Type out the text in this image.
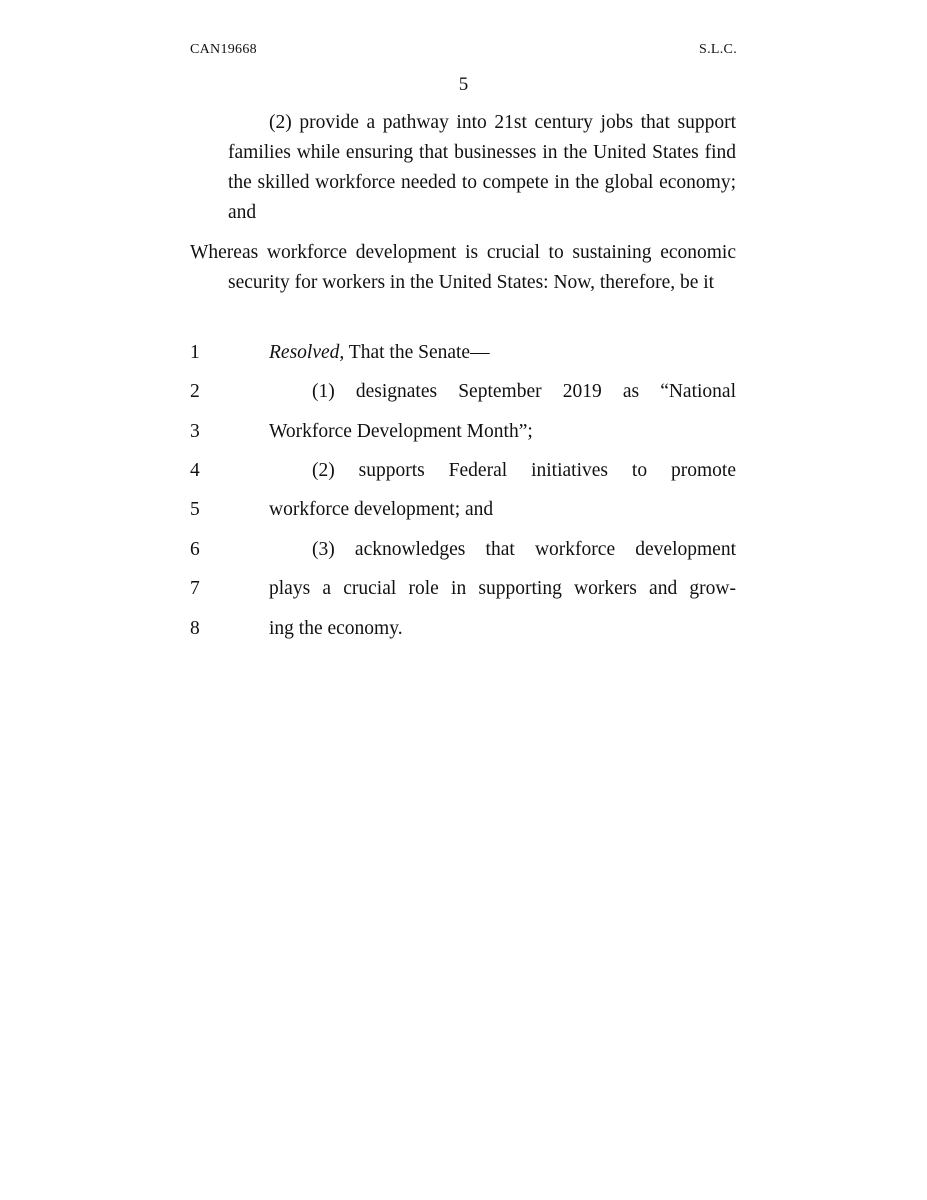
CAN19668	S.L.C.
5

(2) provide a pathway into 21st century jobs that support families while ensuring that businesses in the United States find the skilled workforce needed to compete in the global economy; and

Whereas workforce development is crucial to sustaining economic security for workers in the United States: Now, therefore, be it

1	Resolved, That the Senate—
2	(1) designates September 2019 as “National
3	Workforce Development Month”;
4	(2) supports Federal initiatives to promote
5	workforce development; and
6	(3) acknowledges that workforce development
7	plays a crucial role in supporting workers and grow-
8	ing the economy.
